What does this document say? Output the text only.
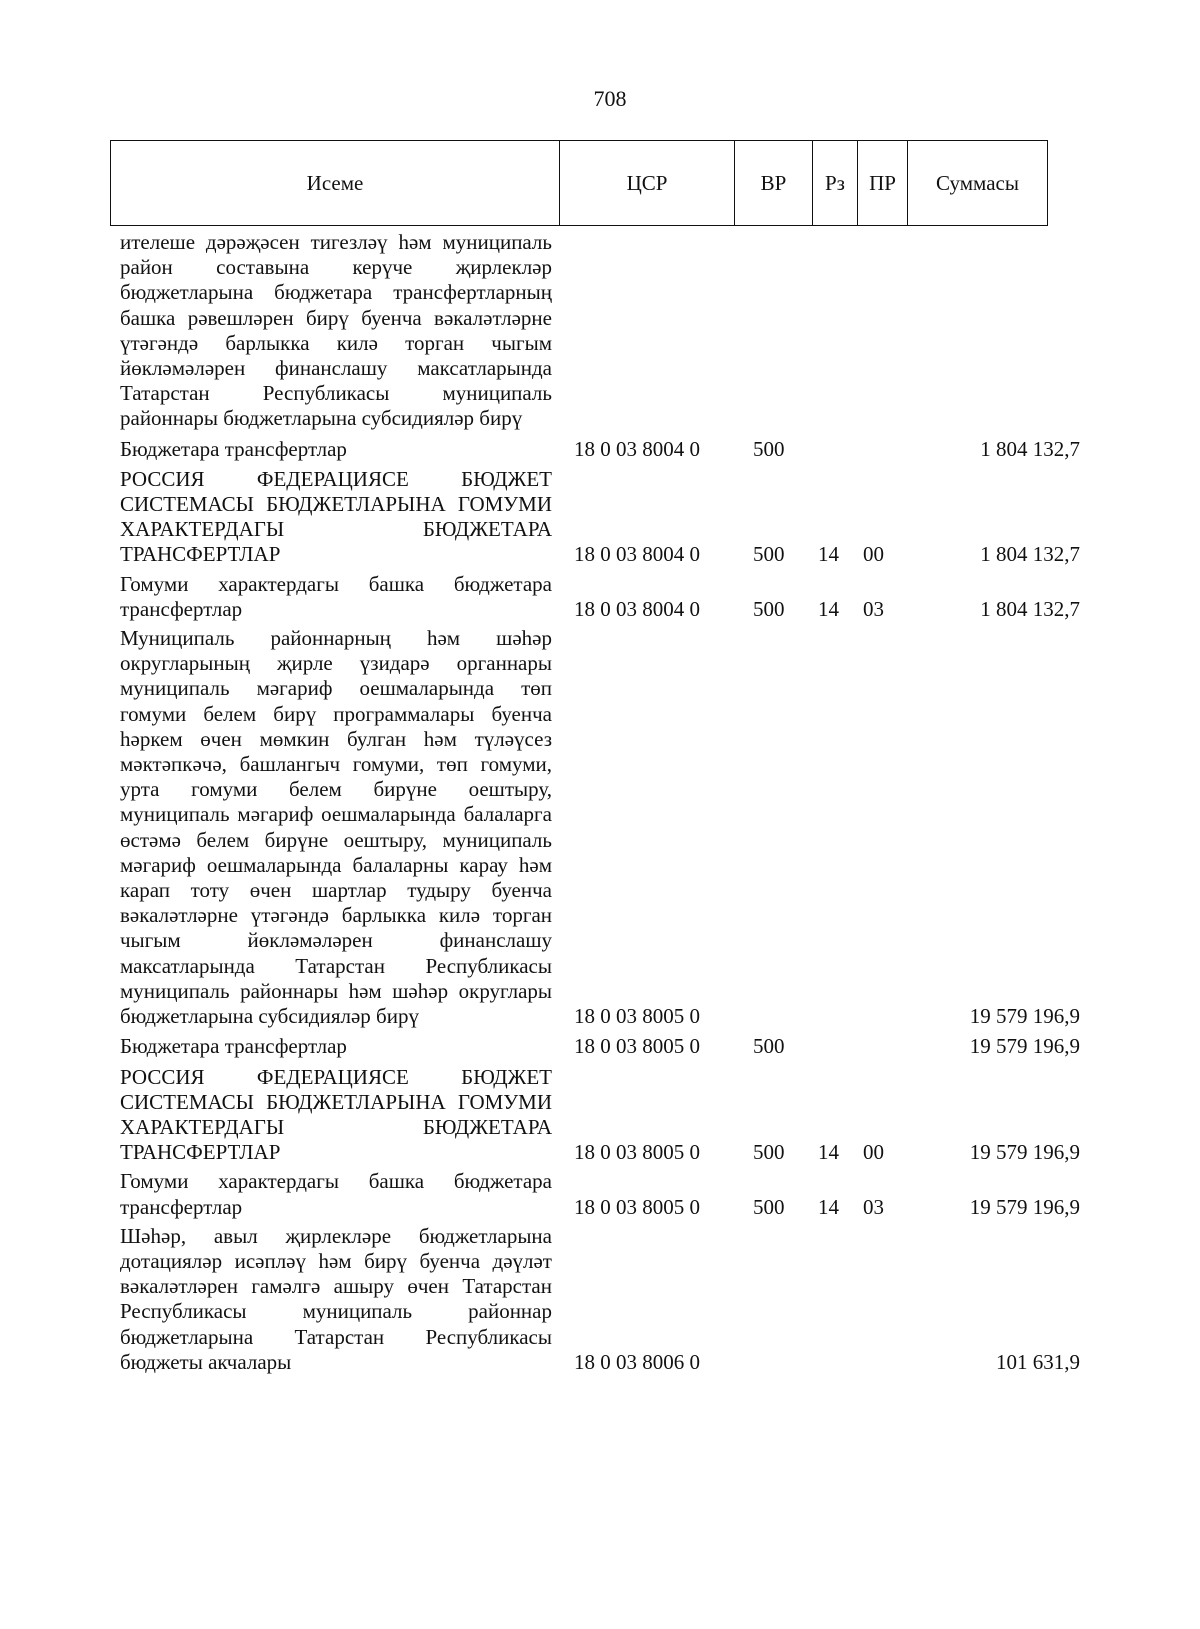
708
Исеме	ЦСР	ВР	Рз	ПР	Суммасы
ителеше дәрәҗәсен тигезләү һәм муниципаль район составына керүче җирлекләр бюджетларына бюджетара трансфертларның башка рәвешләрен бирү буенча вәкаләтләрне үтәгәндә барлыкка килә торган чыгым йөкләмәләрен финанслашу максатларында Татарстан Республикасы муниципаль районнары бюджетларына субсидияләр бирү
Бюджетара трансфертлар	18 0 03 8004 0	500	1 804 132,7
РОССИЯ ФЕДЕРАЦИЯСЕ БЮДЖЕТ СИСТЕМАСЫ БЮДЖЕТЛАРЫНА ГОМУМИ ХАРАКТЕРДАГЫ БЮДЖЕТАРА ТРАНСФЕРТЛАР	18 0 03 8004 0	500 14 00	1 804 132,7
Гомуми характердагы башка бюджетара трансфертлар	18 0 03 8004 0	500 14 03	1 804 132,7
Муниципаль районнарның һәм шәһәр округларының җирле үзидарә органнары муниципаль мәгариф оешмаларында төп гомуми белем бирү программалары буенча һәркем өчен мөмкин булган һәм түләүсез мәктәпкәчә, башлангыч гомуми, төп гомуми, урта гомуми белем бирүне оештыру, муниципаль мәгариф оешмаларында балаларга өстәмә белем бирүне оештыру, муниципаль мәгариф оешмаларында балаларны карау һәм карап тоту өчен шартлар тудыру буенча вәкаләтләрне үтәгәндә барлыкка килә торган чыгым йөкләмәләрен финанслашу максатларында Татарстан Республикасы муниципаль районнары һәм шәһәр округлары бюджетларына субсидияләр бирү	18 0 03 8005 0	19 579 196,9
Бюджетара трансфертлар	18 0 03 8005 0	500	19 579 196,9
РОССИЯ ФЕДЕРАЦИЯСЕ БЮДЖЕТ СИСТЕМАСЫ БЮДЖЕТЛАРЫНА ГОМУМИ ХАРАКТЕРДАГЫ БЮДЖЕТАРА ТРАНСФЕРТЛАР	18 0 03 8005 0	500 14 00	19 579 196,9
Гомуми характердагы башка бюджетара трансфертлар	18 0 03 8005 0	500 14 03	19 579 196,9
Шәһәр, авыл җирлекләре бюджетларына дотацияләр исәпләү һәм бирү буенча дәүләт вәкаләтләрен гамәлгә ашыру өчен Татарстан Республикасы муниципаль районнар бюджетларына Татарстан Республикасы бюджеты акчалары	18 0 03 8006 0	101 631,9
